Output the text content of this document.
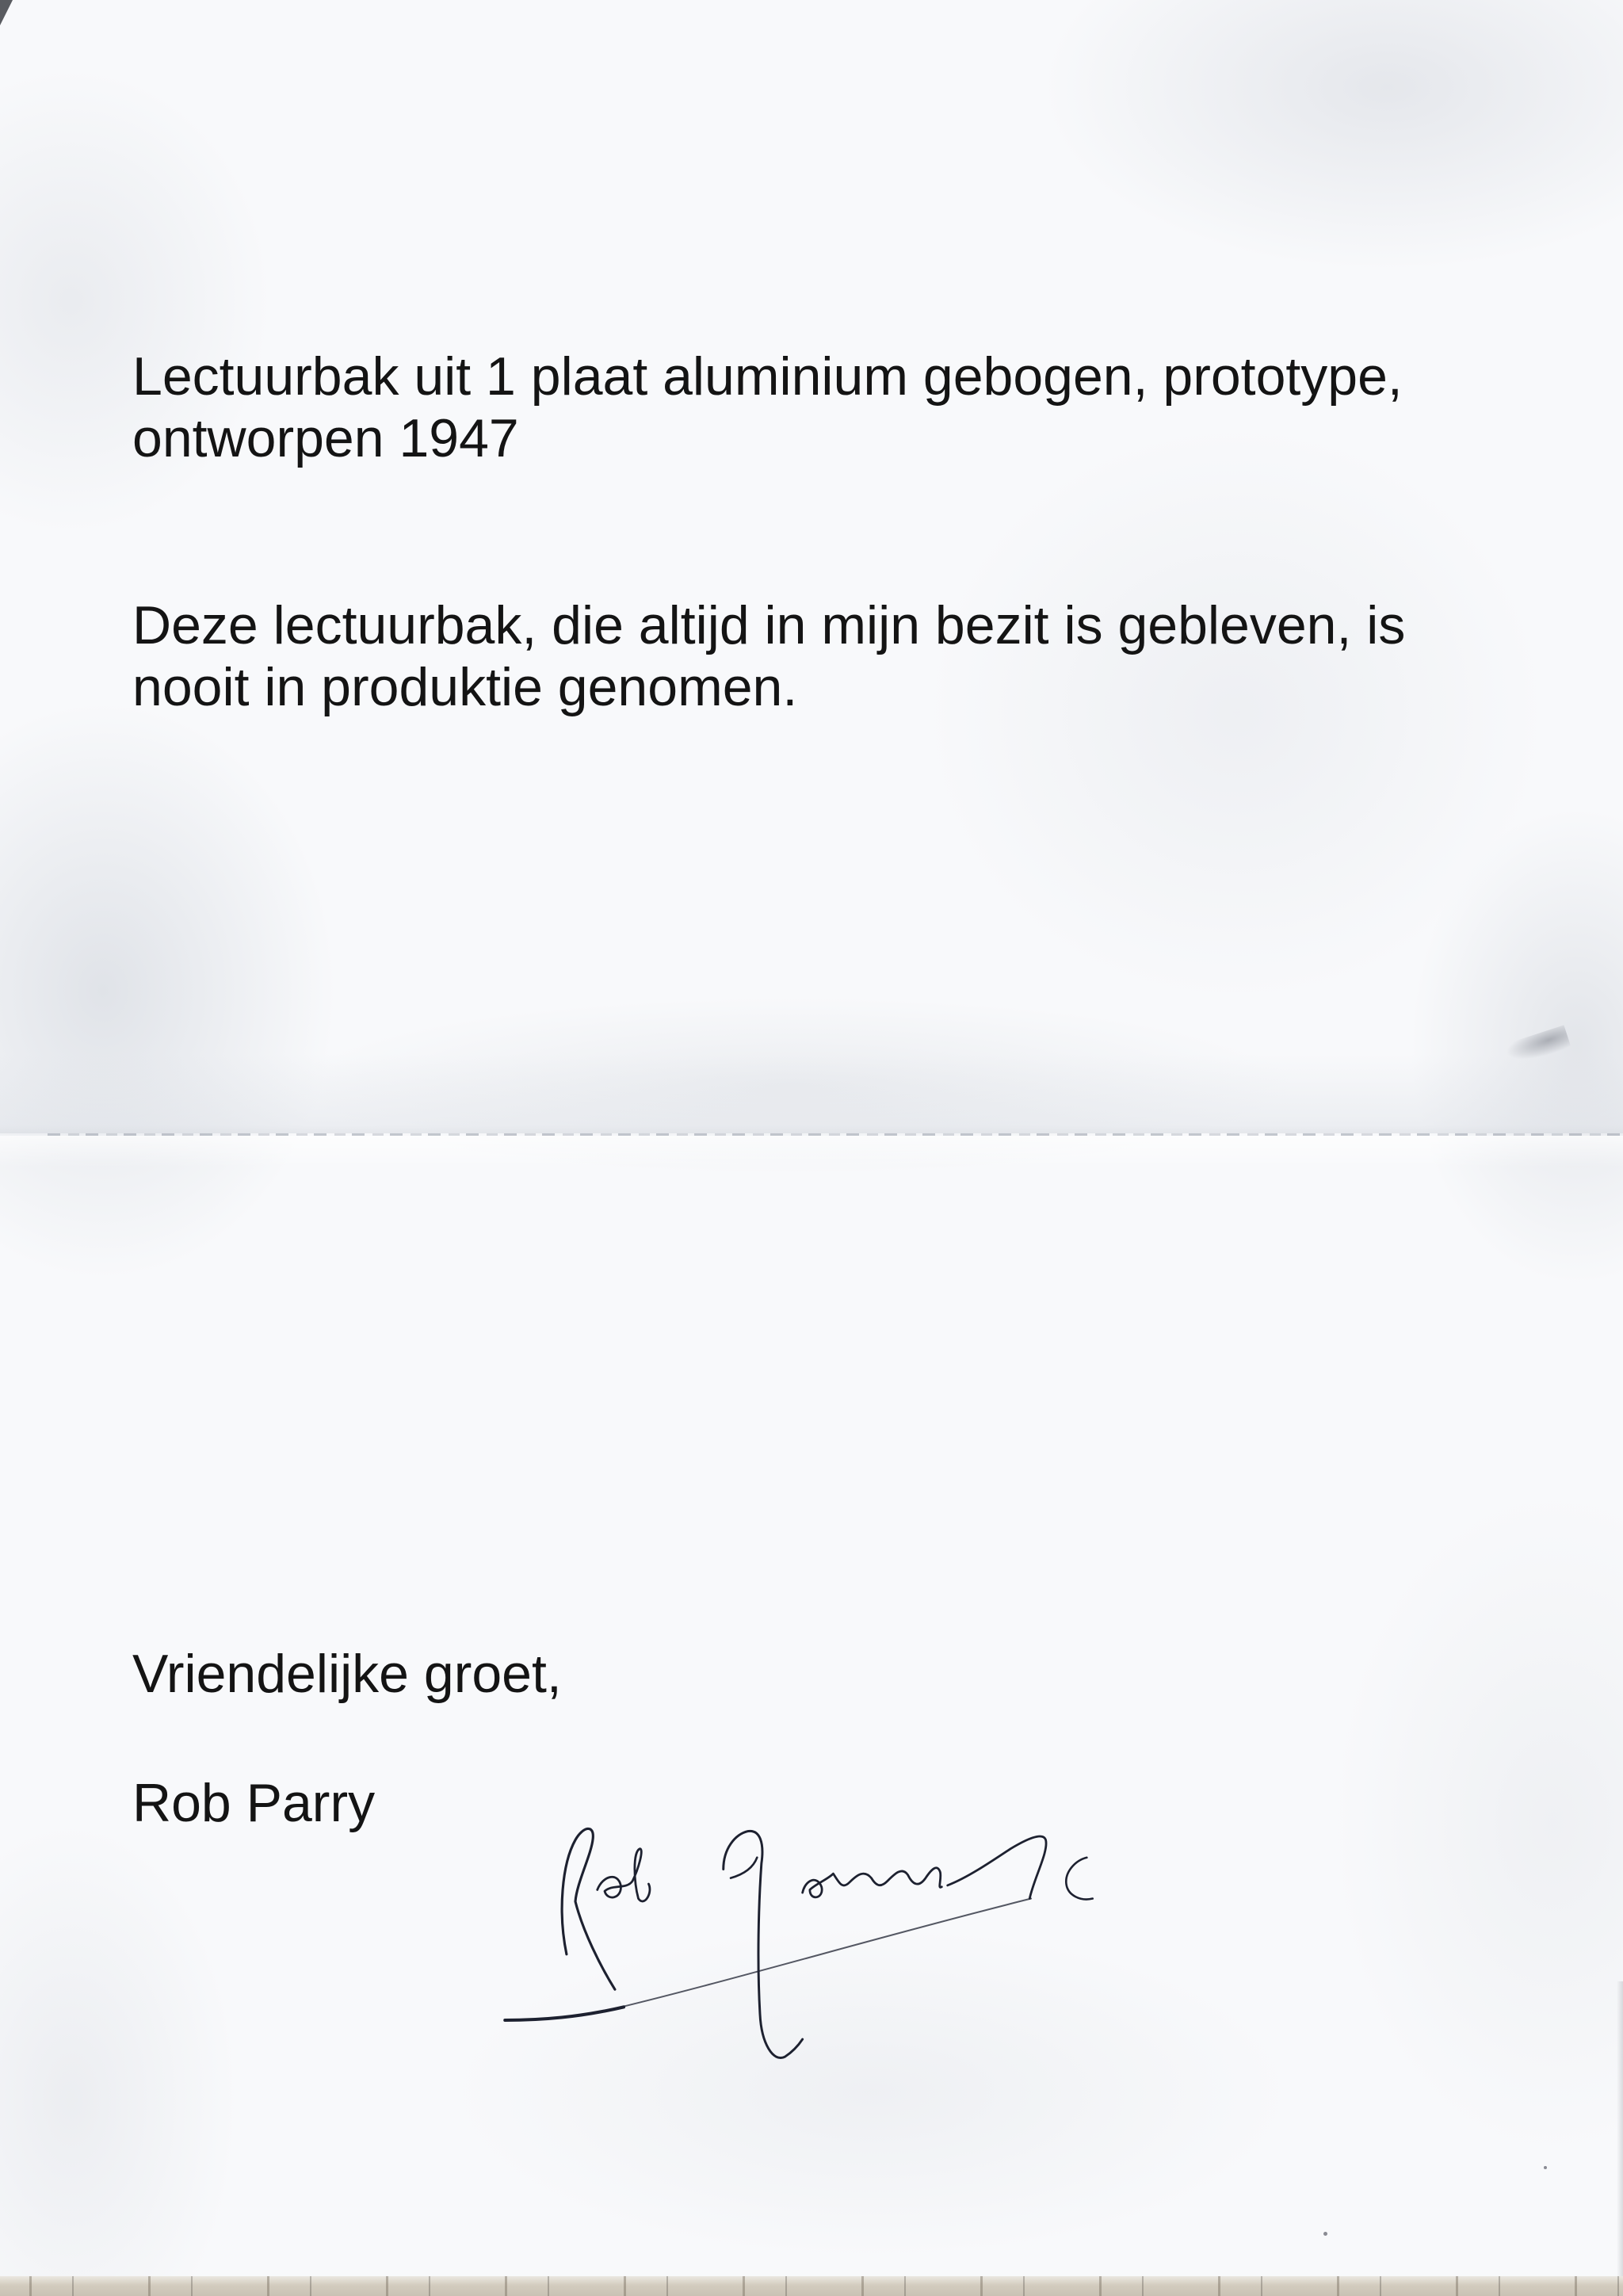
Lectuurbak uit 1 plaat aluminium gebogen, prototype,
ontworpen 1947
Deze lectuurbak, die altijd in mijn bezit is gebleven, is
nooit in produktie genomen.
Vriendelijke groet,
Rob Parry
